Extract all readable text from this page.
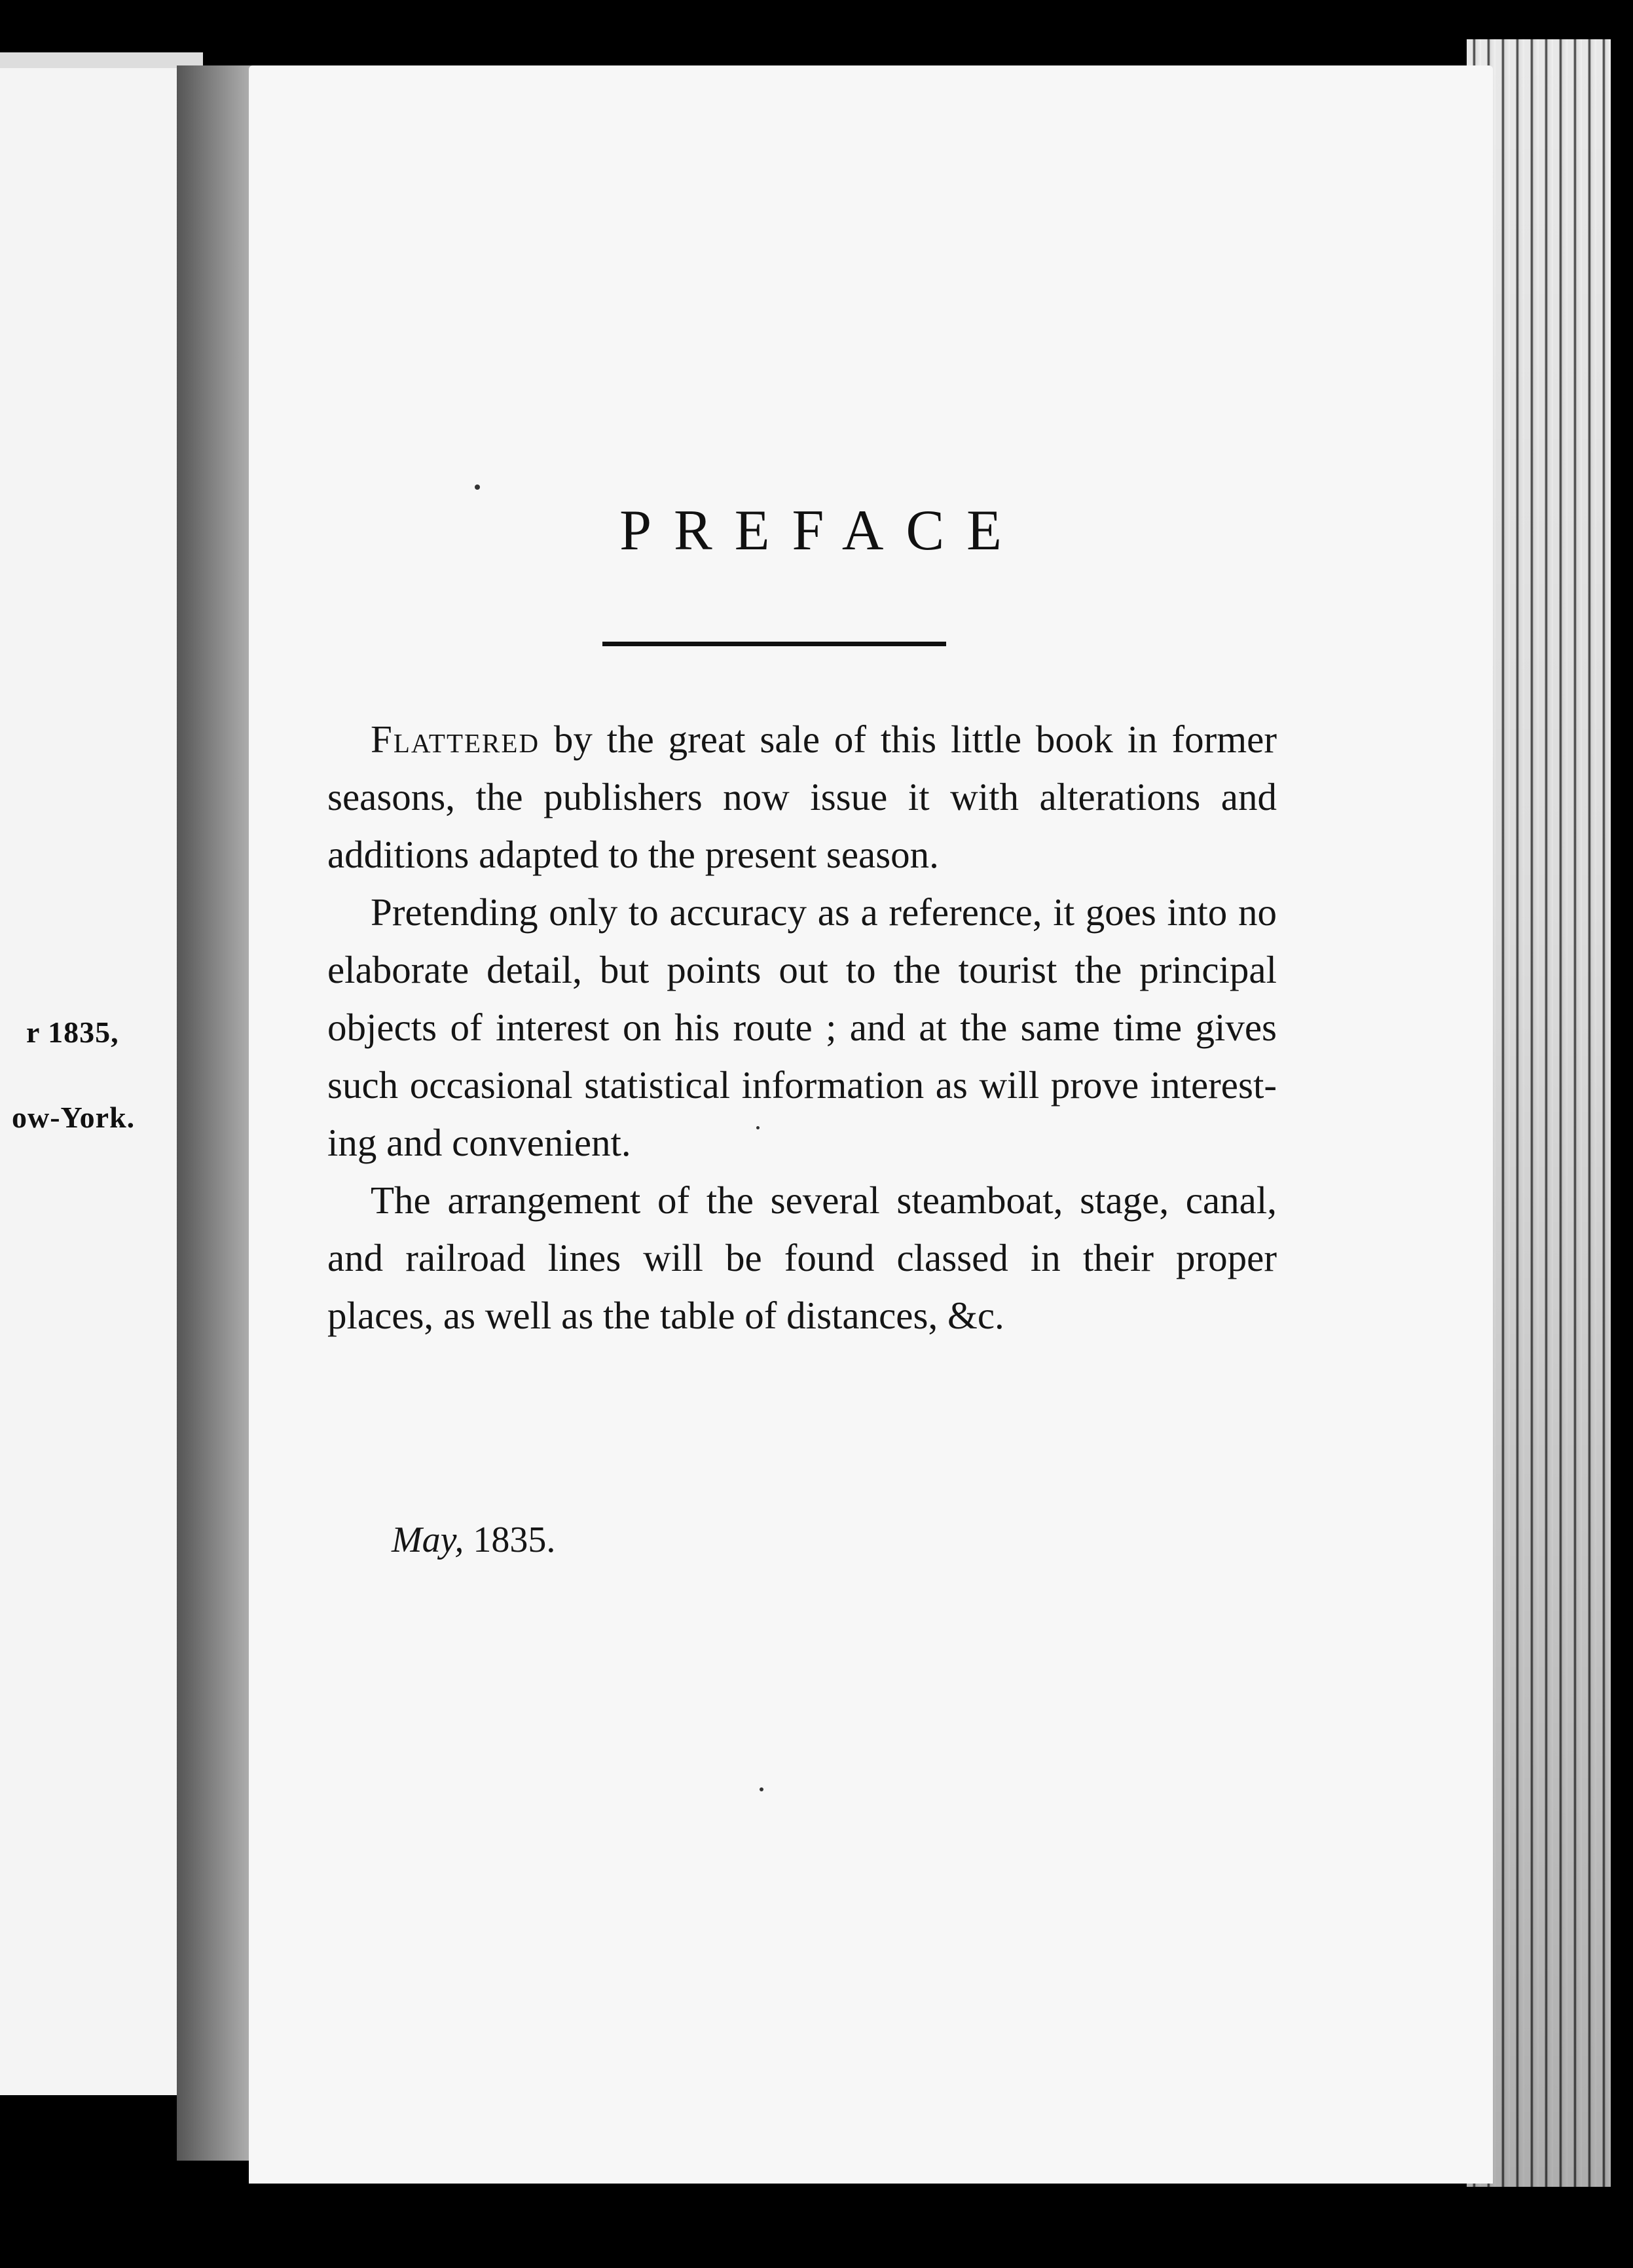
r 1835,
ow-York.
PREFACE

Flattered by the great sale of this little book in former seasons, the publishers now issue it with alterations and additions adapted to the present season.

Pretending only to accuracy as a reference, it goes into no elaborate detail, but points out to the tourist the principal objects of interest on his route ; and at the same time gives such occasional statistical information as will prove interesting and convenient.

The arrangement of the several steamboat, stage, canal, and railroad lines will be found classed in their proper places, as well as the table of distances, &c.

May, 1835.
